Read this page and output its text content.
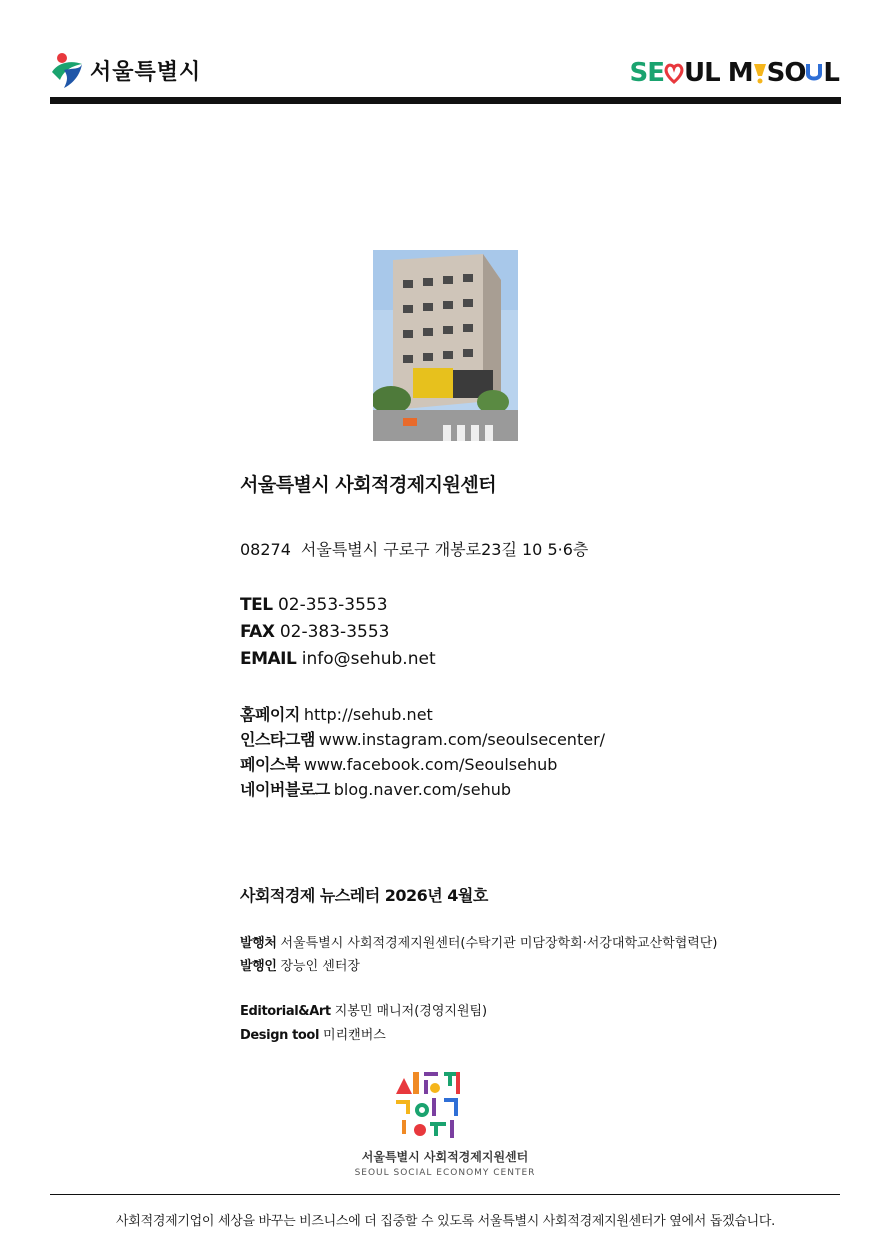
서울특별시	SE UL M SO L
서울특별시 사회적경제지원센터
08274 서울특별시 구로구 개봉로23길 10 5·6층
TEL 02-353-3553
FAX 02-383-3553
EMAIL info@sehub.net
홈페이지 http://sehub.net
인스타그램 www.instagram.com/seoulsecenter/
페이스북 www.facebook.com/Seoulsehub
네이버블로그 blog.naver.com/sehub
사회적경제 뉴스레터 2026년 4월호
발행처 서울특별시 사회적경제지원센터(수탁기관 미담장학회·서강대학교산학협력단)
발행인 장능인 센터장
Editorial&Art 지봉민 매니저(경영지원팀)
Design tool 미리캔버스
서울특별시 사회적경제지원센터
SEOUL SOCIAL ECONOMY CENTER
사회적경제기업이 세상을 바꾸는 비즈니스에 더 집중할 수 있도록 서울특별시 사회적경제지원센터가 옆에서 돕겠습니다.
